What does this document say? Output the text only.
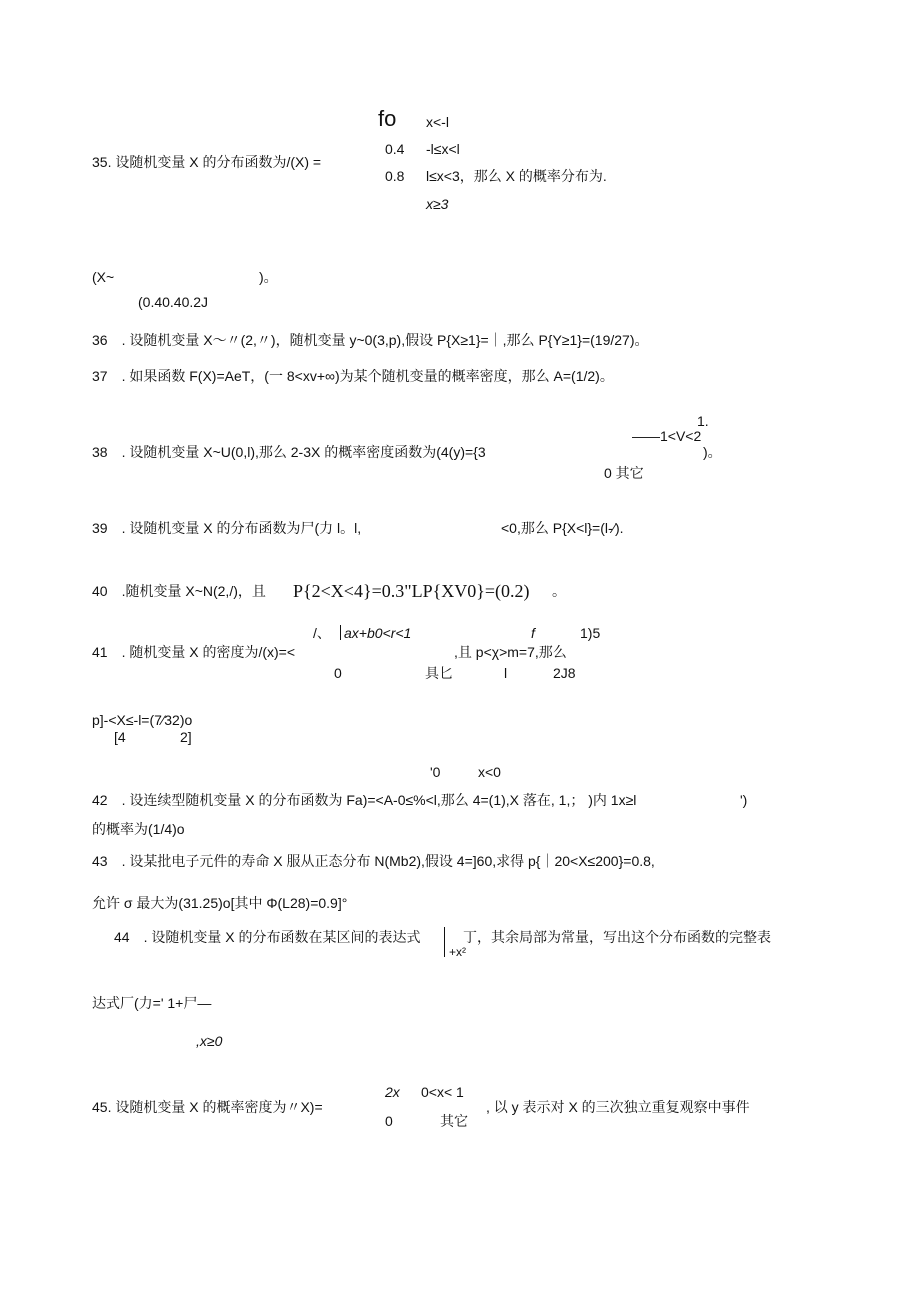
fo x<-l
0.4 -l≤x<l
35. 设随机变量 X 的分布函数为/(X) =
0.8 l≤x<3，那么 X 的概率分布为.
x≥3
(X~	)。
(0.40.40.2J
36　. 设随机变量 X～〃(2,〃)，随机变量 y~0(3,p),假设 P{X≥1}=｜,那么 P{Y≥1}=(19/27)。
37　. 如果函数 F(X)=AeT，(一 8<xv+∞)为某个随机变量的概率密度，那么 A=(1/2)。
1.
——1<V<2
38　. 设随机变量 X~U(0,l),那么 2-3X 的概率密度函数为(4(y)={3	)。
0 其它
39　. 设随机变量 X 的分布函数为尸(力 l。l,	<0,那么 P{X<l}=(l-⁄).
40　.随机变量 X~N(2,/)，且 P{2<X<4}=0.3"LP{XV0}=(0.2) 。
/、 ax+b0<r<1	f	1)5
41　. 随机变量 X 的密度为/(x)=<	,且 p<χ>m=7,那么
0	具匕	l	2J8
p]-<X≤-l=(7⁄32)o
[4	2]
'0	x<0
42　. 设连续型随机变量 X 的分布函数为 Fa)=<A-0≤%<l,那么 4=(1),X 落在, 1,； )内 1x≥l	')
的概率为(1/4)o
43　. 设某批电子元件的寿命 X 服从正态分布 N(Mb2),假设 4=]60,求得 p{｜20<X≤200}=0.8,
允许 σ 最大为(31.25)o[其中 Φ(L28)=0.9]°
44　. 设随机变量 X 的分布函数在某区间的表达式	丁，其余局部为常量，写出这个分布函数的完整表
+x²
达式厂(力=' 1+尸—
,x≥0
2x 0<x< 1
45. 设随机变量 X 的概率密度为〃X)=	, 以 y 表示对 X 的三次独立重复观察中事件
0	其它
